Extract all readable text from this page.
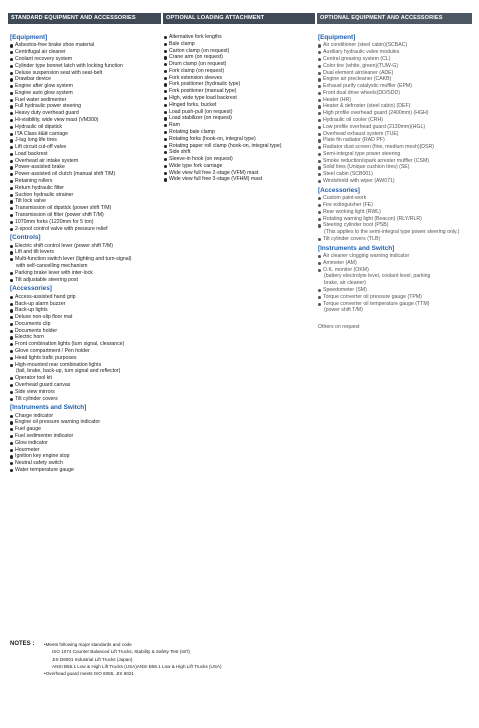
STANDARD EQUIPMENT AND ACCESSORIES	OPTIONAL LOADING ATTACHMENT	OPTIONAL EQUIPMENT AND ACCESSORIES
[Equipment]
Asbestos-free brake shoe material
Centrifugal air cleaner
Coolant recovery system
Cylinder type bonnet latch with locking function
Deluxe suspension seat with seat-belt
Drawbar device
Engine after glow system
Engine auto glow system
Fuel water sedimenter
Full hydraulic power steering
Heavy duty overhead guard
Hi-visibility, wide view mast (VM300)
Hydraulic oil dipstick
ITA Class Ⅱ&Ⅲ carriage
J-lug long life tires
Lift circuit cut-off valve
Load backrest
Overhead air intake system
Power-assisted brake
Power-assisted oil clutch (manual shift T/M)
Retaining rollers
Return hydraulic filter
Suction hydraulic strainer
Tilt lock valve
Transmission oil dipstick (power shift T/M)
Transmission oil filter (power shift T/M)
1070mm forks (1220mm for 5 ton)
2-spool control valve with pressure relief
[Controls]
Electric shift control lever (power shift T/M)
Lift and tilt levers
Multi-function switch lever (lighting and turn-signal)
with self-cancelling mechanism
Parking brake lever with inter-lock
Tilt adjustable steering post
[Accessories]
Access-assisted hand grip
Back-up alarm buzzer
Back-up lights
Deluxe non-slip floor mat
Documents clip
Documents holder
Electric horn
Front combination lights (turn signal, clearance)
Glove compartment / Pen holder
Head lights trafic purposes
High-mounted rear combination lights
(tail, brake, back-up, turn signal and reflector)
Operator tool kit
Overhead guard canvas
Side view mirrors
Tilt cylinder covers
[Instruments and Switch]
Charge indicator
Engine oil pressure warning indicator
Fuel gauge
Fuel sedimenter indicator
Glow indicator
Hourmeter
Ignition key engine stop
Neutral safety switch
Water temperature gauge
Alternative fork lengths
Bale clamp
Carton clamp (on request)
Crane arm (on request)
Drum clamp (on request)
Fork clamp (on request)
Fork extension sleeves
Fork positioner (hydraulic type)
Fork positioner (manual type)
High, wide type load backrest
Hinged forks, bucket
Load push-pull (on request)
Load stabilizer (on request)
Ram
Rotating bale clamp
Rotating forks (hook-on, integral type)
Rotating paper roll clamp (hook-on, integral type)
Side shift
Sleeve-in hook (on request)
Wide type fork carriage
Wide view full free 2-stage (VFM) mast
Wide view full free 3-stage (VFHM) mast
[Equipment]
Air conditioner (steel cabin)(SCBAC)
Auxiliary hydraulic valve modules
Central greasing system (CL)
Color tire (white, green)(TUW-G)
Dual element aircleaner (ADE)
Engine air precleaner (CAKB)
Exhaust purify catalystic muffler (EPM)
Front dual drive wheels(DD/SDD)
Heater (HR)
Heater & defroster (steel cabin) (DEF)
High profile overhead guard (2400mm) (HGH)
Hydraulic oil cooler (CRH)
Low profile overhead guard (2130mm)(HGL)
Overhead exhaust system (TUE)
Plate fin radiator (RAD PF)
Radiator dust screen (fine, medium mesh)(DSR)
Semi-integral type power steering
Smoke reduction/spark arrester muffler (CSM)
Solid tires (Unique cushion tires) (SE)
Steel cabin (SCB001)
Windshield with wiper (AW071)
[Accessories]
Custom paint-work
Fire extinguisher (FE)
Rear working light (RWL)
Rotating warning light (Beacon) (RLY/RLR)
Steering cylinder boot (PSB)
(This applies to the semi-integral type power steering only.)
Tilt cylinder covers (TLB)
[Instruments and Switch]
Air cleaner clogging warning indicator
Ammeter (AM)
O.K. monitor (OKM)
(battery electrolyte level, coolant level, parking brake, air cleaner)
Speedometer (SM)
Torque converter oil pressure gauge (TPM)
Torque converter oil temperature gauge (TTM)
(power shift T/M)
Others on request
NOTES : •Meets following major standards and code
ISO 1074 Counter Balanced Lift Trucks, Stability & Safety Test (Int'l)
JIS D6001 Industrial Lift Trucks (Japan)
ANSI B56.1 Low & High Lift Trucks (USA)ANSI B56.1 Low & High Lift Trucks (USA)
•Overhead guard meets ISO 6055, JIS 6021
